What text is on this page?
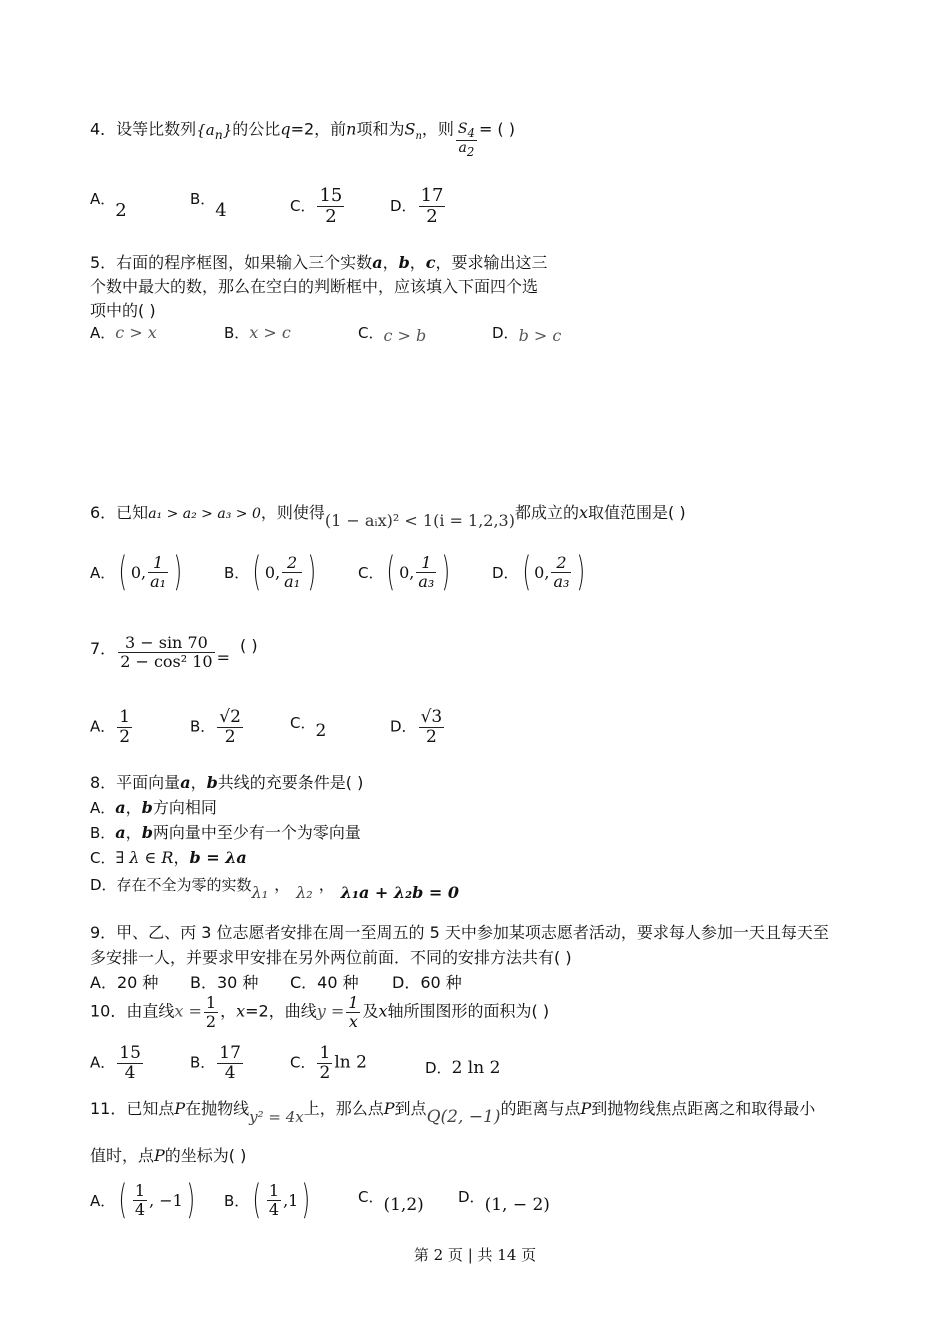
4．设等比数列$\{a_n\}$的公比q=2，前n项和为$S_n$，则 $\frac{S_4}{a_2}$ = ( )
A．2
B．4	C． $\frac{15}{2}$	D． $\frac{17}{2}$
5．右面的程序框图，如果输入三个实数a，b，c，要求输出这三
个数中最大的数，那么在空白的判断框中，应该填入下面四个选
项中的( )
A．c > x	B．x > c	C．c > b	D．b > c
6．已知a₁ > a₂ > a₃ > 0，则使得(1 − aᵢx)² < 1(i = 1,2,3)都成立的x取值范围是( )
A． ( 0, $\frac{1}{\text{a₁}}$ )	B． ( 0, $\frac{2}{\text{a₁}}$ )	C． ( 0, $\frac{1}{\text{a₃}}$ )	D． ( 0, $\frac{2}{\text{a₃}}$ )
7． $\frac{3 - \sin 70}{\text{2 − cos² 10}}$ =( )
A． $\frac{1}{2}$	B． $\frac{√2}{2}$	C．2	D． $\frac{√3}{2}$
8．平面向量a，b共线的充要条件是( )
A．a，b方向相同
B．a，b两向量中至少有一个为零向量
C．∃ λ ∈ R，b = λa
D．存在不全为零的实数λ₁ ， λ₂ ， λ₁a + λ₂b = 0
9．甲、乙、丙 3 位志愿者安排在周一至周五的 5 天中参加某项志愿者活动，要求每人参加一天且每天至
多安排一人，并要求甲安排在另外两位前面．不同的安排方法共有( )
A．20 种 B．30 种 C．40 种 D．60 种
10．由直线$x = \frac{1}{2}$ ，x=2，曲线$y = \frac{1}{x}$ 及x轴所围图形的面积为( )
A． $\frac{15}{4}$	B． $\frac{17}{4}$	C． $\frac{1}{2}$ ln 2	D．2 ln 2
11．已知点P在抛物线y² = 4x上，那么点P到点Q(2, −1)的距离与点P到抛物线焦点距离之和取得最小
值时，点P的坐标为( )
A． ( $\frac{1}{4}$ , −1 ) B． ( $\frac{1}{4} ,1$ )	C．(1,2) D．(1, − 2)
第 2 页 | 共 14 页
